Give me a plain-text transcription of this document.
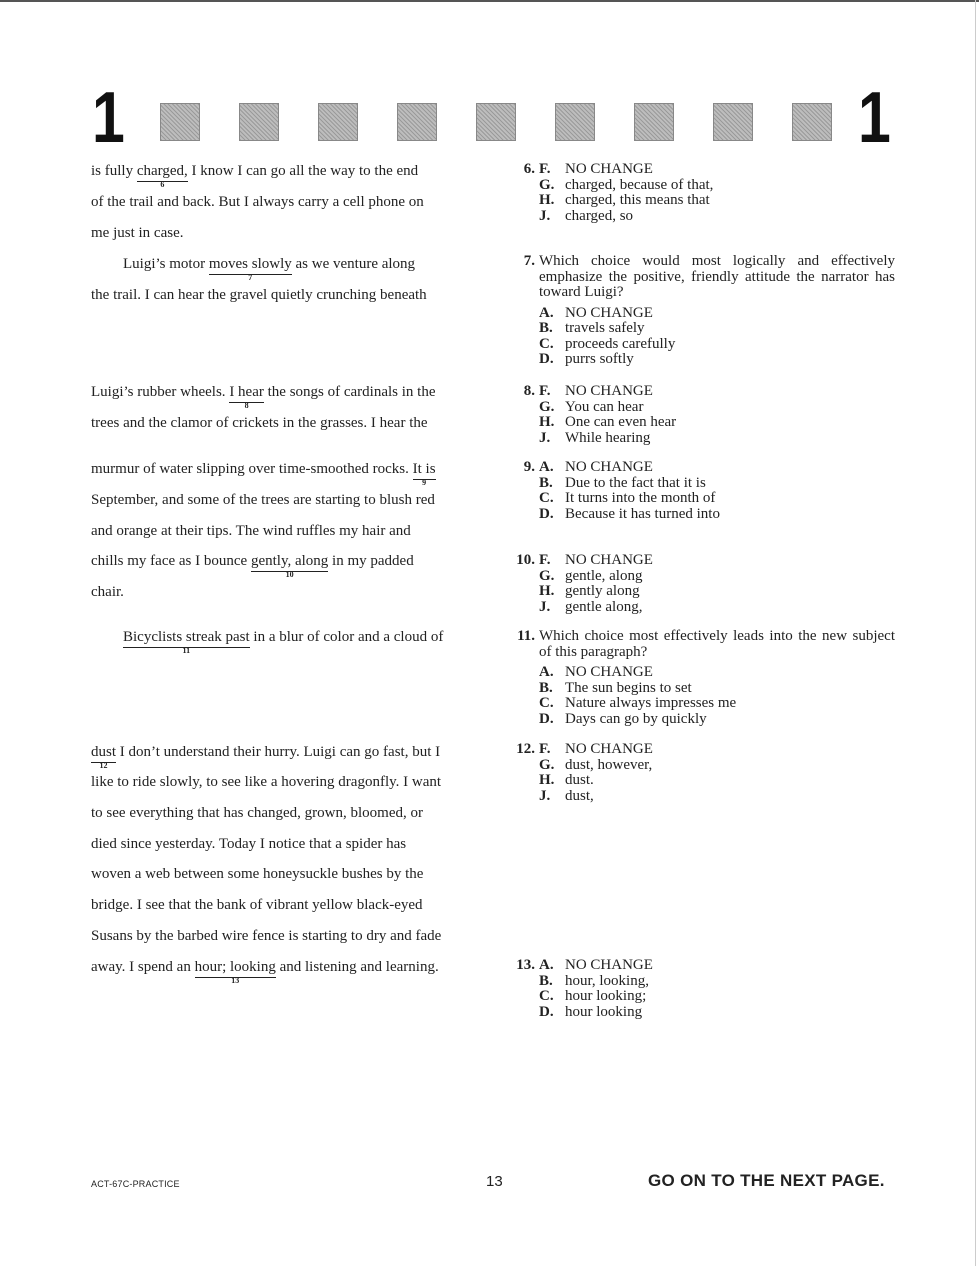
1	1
is fully charged,
6
I know I can go all the way to the end
of the trail and back. But I always carry a cell phone on
me just in case.
Luigi’s motor moves slowly
7
as we venture along
the trail. I can hear the gravel quietly crunching beneath
Luigi’s rubber wheels. I hear
8
the songs of cardinals in the
trees and the clamor of crickets in the grasses. I hear the
murmur of water slipping over time-smoothed rocks. It is
9
September, and some of the trees are starting to blush red
and orange at their tips. The wind ruffles my hair and
chills my face as I bounce gently, along
10
in my padded
chair.
Bicyclists streak past
11
in a blur of color and a cloud of
dust
12
I don’t understand their hurry. Luigi can go fast, but I
like to ride slowly, to see like a hovering dragonfly. I want
to see everything that has changed, grown, bloomed, or
died since yesterday. Today I notice that a spider has
woven a web between some honeysuckle bushes by the
bridge. I see that the bank of vibrant yellow black-eyed
Susans by the barbed wire fence is starting to dry and fade
away. I spend an hour; looking
13
and listening and learning.
6. F. NO CHANGE
G. charged, because of that,
H. charged, this means that
J. charged, so
7. Which choice would most logically and effectively emphasize the positive, friendly attitude the narrator has toward Luigi?
A. NO CHANGE
B. travels safely
C. proceeds carefully
D. purrs softly
8. F. NO CHANGE
G. You can hear
H. One can even hear
J. While hearing
9. A. NO CHANGE
B. Due to the fact that it is
C. It turns into the month of
D. Because it has turned into
10. F. NO CHANGE
G. gentle, along
H. gently along
J. gentle along,
11. Which choice most effectively leads into the new subject of this paragraph?
A. NO CHANGE
B. The sun begins to set
C. Nature always impresses me
D. Days can go by quickly
12. F. NO CHANGE
G. dust, however,
H. dust.
J. dust,
13. A. NO CHANGE
B. hour, looking,
C. hour looking;
D. hour looking
ACT-67C-PRACTICE	13	GO ON TO THE NEXT PAGE.
